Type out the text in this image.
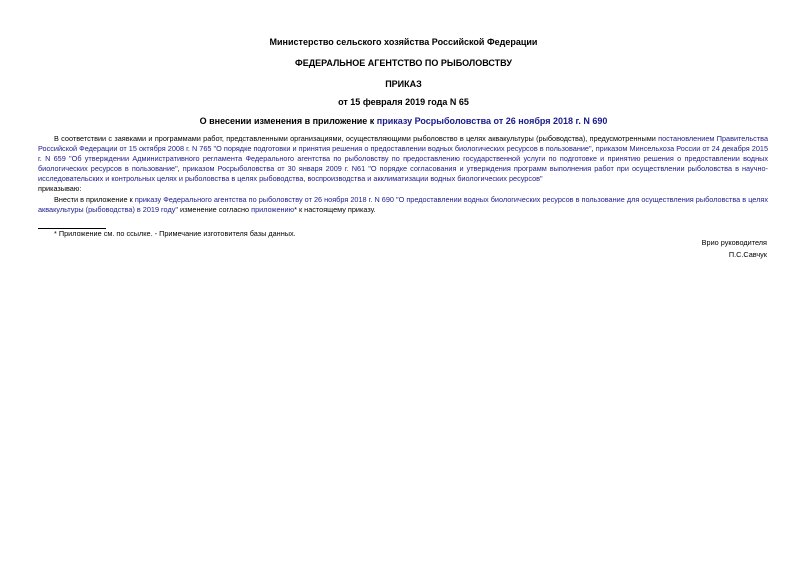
Министерство сельского хозяйства Российской Федерации
ФЕДЕРАЛЬНОЕ АГЕНТСТВО ПО РЫБОЛОВСТВУ
ПРИКАЗ
от 15 февраля 2019 года N 65
О внесении изменения в приложение к приказу Росрыболовства от 26 ноября 2018 г. N 690
В соответствии с заявками и программами работ, представленными организациями, осуществляющими рыболовство в целях аквакультуры (рыбоводства), предусмотренными постановлением Правительства Российской Федерации от 15 октября 2008 г. N 765 "О порядке подготовки и принятия решения о предоставлении водных биологических ресурсов в пользование", приказом Минсельхоза России от 24 декабря 2015 г. N 659 "Об утверждении Административного регламента Федерального агентства по рыболовству по предоставлению государственной услуги по подготовке и принятию решения о предоставлении водных биологических ресурсов в пользование", приказом Росрыболовства от 30 января 2009 г. N61 "О порядке согласования и утверждения программ выполнения работ при осуществлении рыболовства в научно-исследовательских и контрольных целях и рыболовства в целях рыбоводства, воспроизводства и акклиматизации водных биологических ресурсов"
приказываю:
Внести в приложение к приказу Федерального агентства по рыболовству от 26 ноября 2018 г. N 690 "О предоставлении водных биологических ресурсов в пользование для осуществления рыболовства в целях аквакультуры (рыбоводства) в 2019 году" изменение согласно приложению* к настоящему приказу.
* Приложение см. по ссылке. - Примечание изготовителя базы данных.
Врио руководителя
П.С.Савчук
